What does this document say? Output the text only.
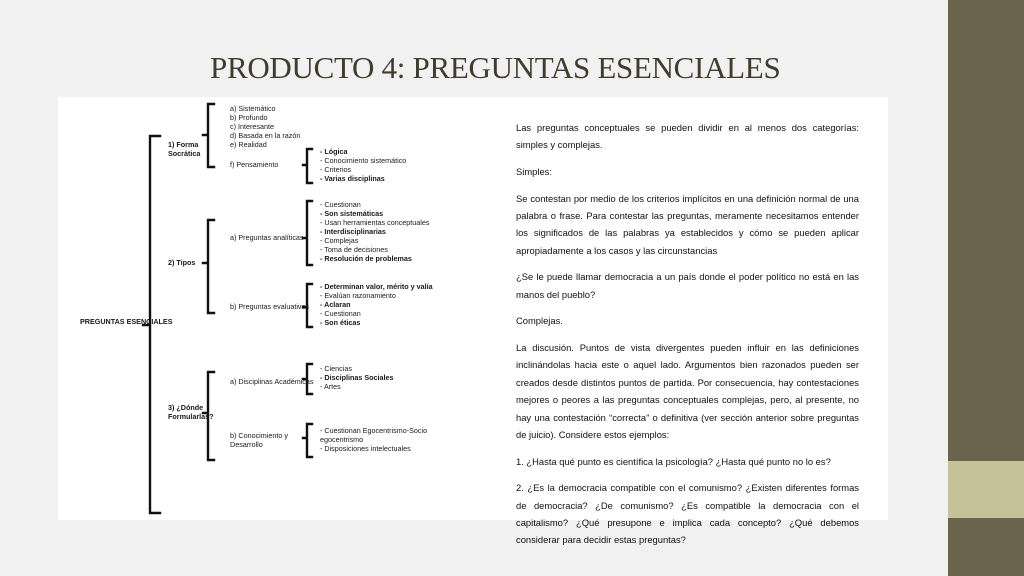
PRODUCTO 4: PREGUNTAS ESENCIALES
PREGUNTAS ESENCIALES
1) Forma Socrática
a) Sistemático
b) Profundo
c) Interesante
d) Basada en la razón
e) Realidad
f) Pensamiento
- Lógica
- Conocimiento sistemático
- Criterios
- Varias disciplinas
2) Tipos
a) Preguntas analíticas
- Cuestionan
- Son sistemáticas
- Usan herramientas conceptuales
- Interdisciplinarias
- Complejas
- Toma de decisiones
- Resolución de problemas
b) Preguntas evaluativas
- Determinan valor, mérito y valía
- Evalúan razonamiento
- Aclaran
- Cuestionan
- Son éticas
3) ¿Dónde Formularlas?
a) Disciplinas Académicas
- Ciencias
- Disciplinas Sociales
- Artes
b) Conocimiento y Desarrollo
- Cuestionan Egocentrismo-Socio egocentrismo
- Disposiciones intelectuales

Las preguntas conceptuales se pueden dividir en al menos dos categorías: simples y complejas.

Simples:

Se contestan por medio de los criterios implícitos en una definición normal de una palabra o frase. Para contestar las preguntas, meramente necesitamos entender los significados de las palabras ya establecidos y cómo se pueden aplicar apropiadamente a los casos y las circunstancias

¿Se le puede llamar democracia a un país donde el poder político no está en las manos del pueblo?

Complejas.

La discusión. Puntos de vista divergentes pueden influir en las definiciones inclinándolas hacia este o aquel lado. Argumentos bien razonados pueden ser creados desde distintos puntos de partida. Por consecuencia, hay contestaciones mejores o peores a las preguntas conceptuales complejas, pero, al presente, no hay una contestación “correcta” o definitiva (ver sección anterior sobre preguntas de juicio). Considere estos ejemplos:

1. ¿Hasta qué punto es científica la psicología? ¿Hasta qué punto no lo es?

2. ¿Es la democracia compatible con el comunismo? ¿Existen diferentes formas de democracia? ¿De comunismo? ¿Es compatible la democracia con el capitalismo? ¿Qué presupone e implica cada concepto? ¿Qué debemos considerar para decidir estas preguntas?
